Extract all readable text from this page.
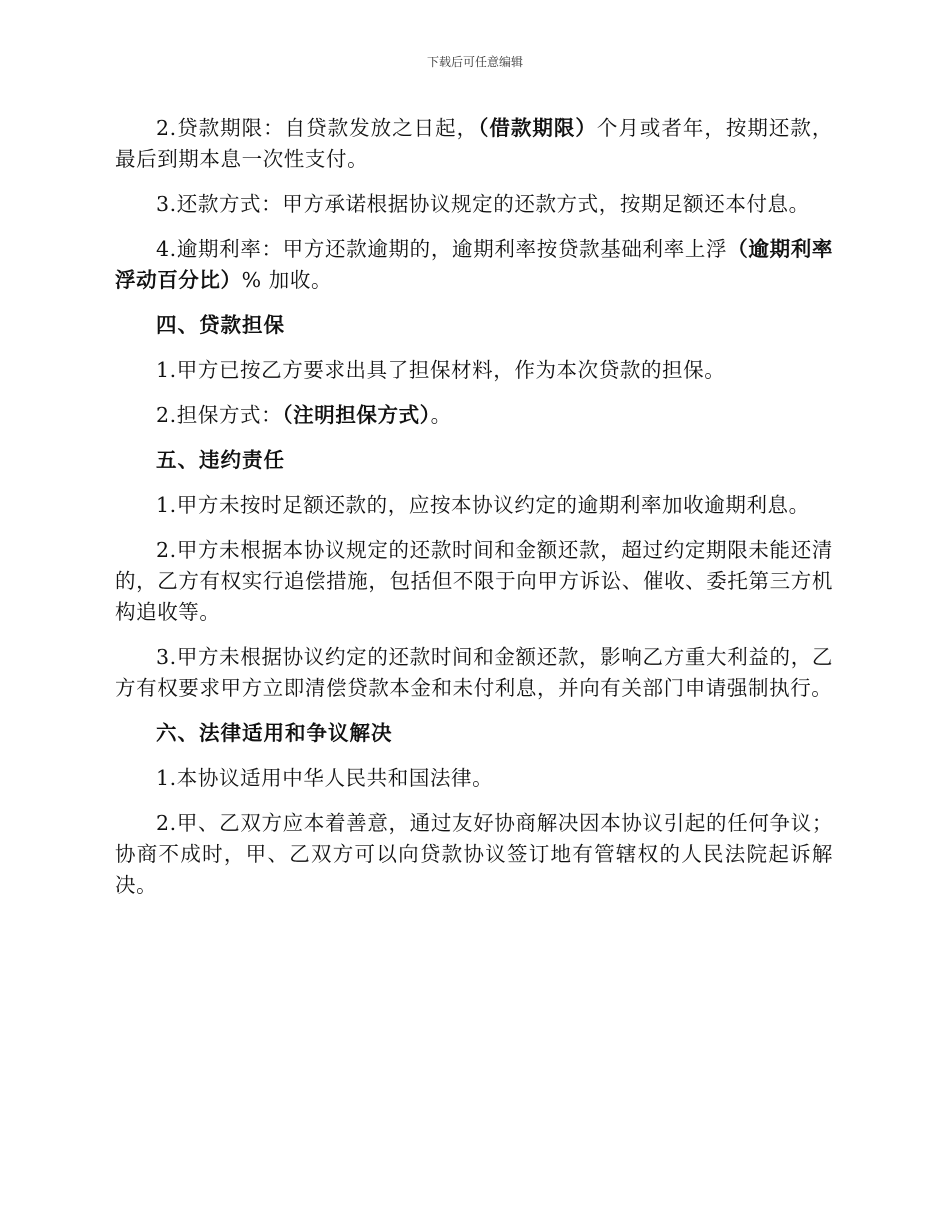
下载后可任意编辑

2.贷款期限：自贷款发放之日起，（借款期限）个月或者年，按期还款，最后到期本息一次性支付。

3.还款方式：甲方承诺根据协议规定的还款方式，按期足额还本付息。

4.逾期利率：甲方还款逾期的，逾期利率按贷款基础利率上浮（逾期利率浮动百分比）% 加收。

四、贷款担保

1.甲方已按乙方要求出具了担保材料，作为本次贷款的担保。

2.担保方式：（注明担保方式）。

五、违约责任

1.甲方未按时足额还款的，应按本协议约定的逾期利率加收逾期利息。

2.甲方未根据本协议规定的还款时间和金额还款，超过约定期限未能还清的，乙方有权实行追偿措施，包括但不限于向甲方诉讼、催收、委托第三方机构追收等。

3.甲方未根据协议约定的还款时间和金额还款，影响乙方重大利益的，乙方有权要求甲方立即清偿贷款本金和未付利息，并向有关部门申请强制执行。

六、法律适用和争议解决

1.本协议适用中华人民共和国法律。

2.甲、乙双方应本着善意，通过友好协商解决因本协议引起的任何争议；协商不成时，甲、乙双方可以向贷款协议签订地有管辖权的人民法院起诉解决。
